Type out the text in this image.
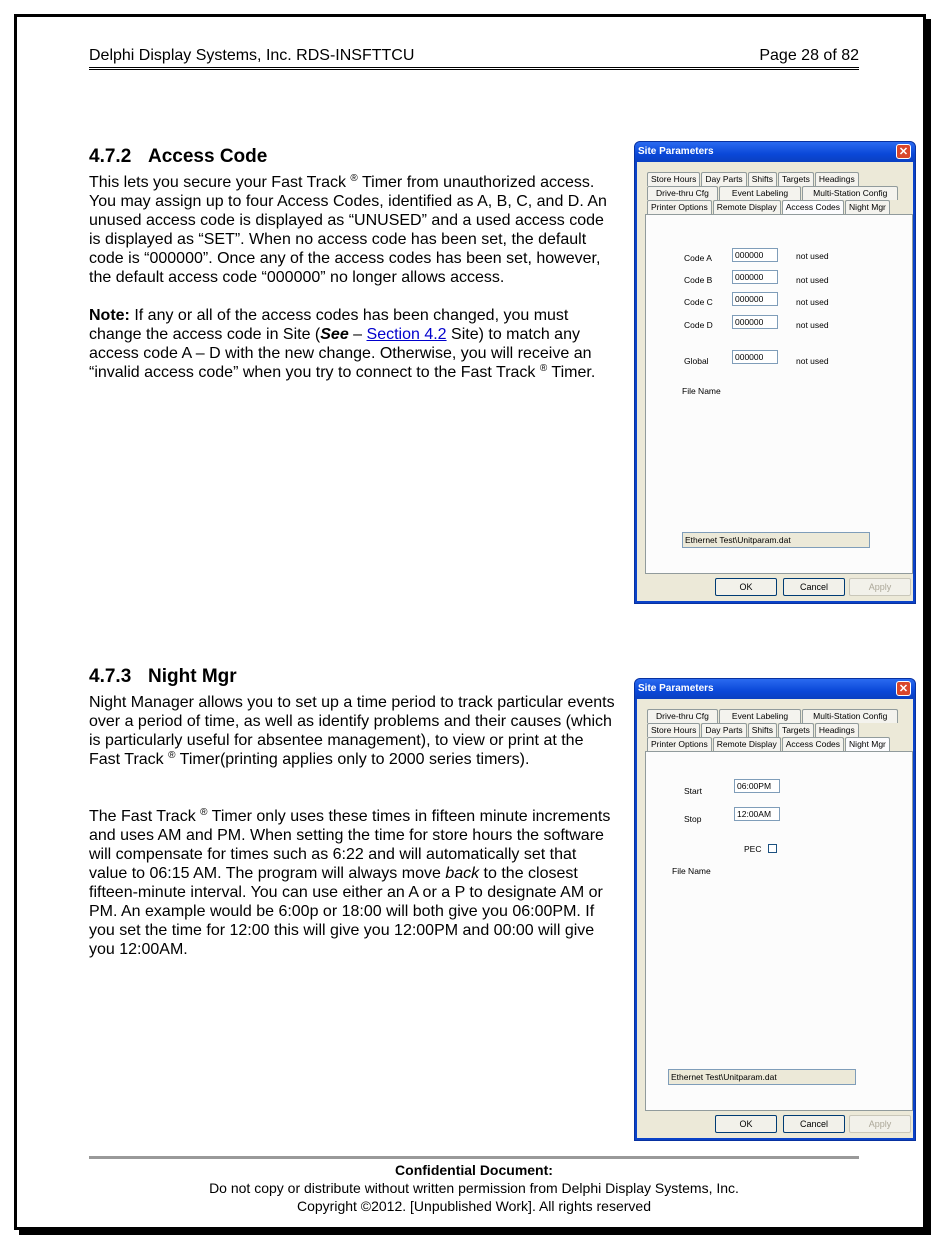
Delphi Display Systems, Inc. RDS-INSFTTCU	Page 28 of 82
4.7.2 Access Code

This lets you secure your Fast Track ® Timer from unauthorized access. You may assign up to four Access Codes, identified as A, B, C, and D. An unused access code is displayed as “UNUSED” and a used access code is displayed as “SET”. When no access code has been set, the default code is “000000”. Once any of the access codes has been set, however, the default access code “000000” no longer allows access.

Note: If any or all of the access codes has been changed, you must change the access code in Site (See – Section 4.2 Site) to match any access code A – D with the new change. Otherwise, you will receive an “invalid access code” when you try to connect to the Fast Track ® Timer.

Site Parameters	✕
Store Hours	Day Parts	Shifts	Targets	Headings
Drive-thru Cfg	Event Labeling	Multi-Station Config
Printer Options	Remote Display	Access Codes	Night Mgr
Code A	000000	not used
Code B	000000	not used
Code C	000000	not used
Code D	000000	not used
Global	000000	not used
File Name
Ethernet Test\Unitparam.dat
OK	Cancel	Apply
4.7.3 Night Mgr

Night Manager allows you to set up a time period to track particular events over a period of time, as well as identify problems and their causes (which is particularly useful for absentee management), to view or print at the Fast Track ® Timer(printing applies only to 2000 series timers).

The Fast Track ® Timer only uses these times in fifteen minute increments and uses AM and PM. When setting the time for store hours the software will compensate for times such as 6:22 and will automatically set that value to 06:15 AM. The program will always move back to the closest fifteen-minute interval. You can use either an A or a P to designate AM or PM. An example would be 6:00p or 18:00 will both give you 06:00PM. If you set the time for 12:00 this will give you 12:00PM and 00:00 will give you 12:00AM.

Site Parameters	✕
Drive-thru Cfg	Event Labeling	Multi-Station Config
Store Hours	Day Parts	Shifts	Targets	Headings
Printer Options	Remote Display	Access Codes	Night Mgr
Start	06:00PM
Stop	12:00AM
PEC
File Name
Ethernet Test\Unitparam.dat
OK	Cancel	Apply
Confidential Document:
Do not copy or distribute without written permission from Delphi Display Systems, Inc.
Copyright ©2012. [Unpublished Work]. All rights reserved
